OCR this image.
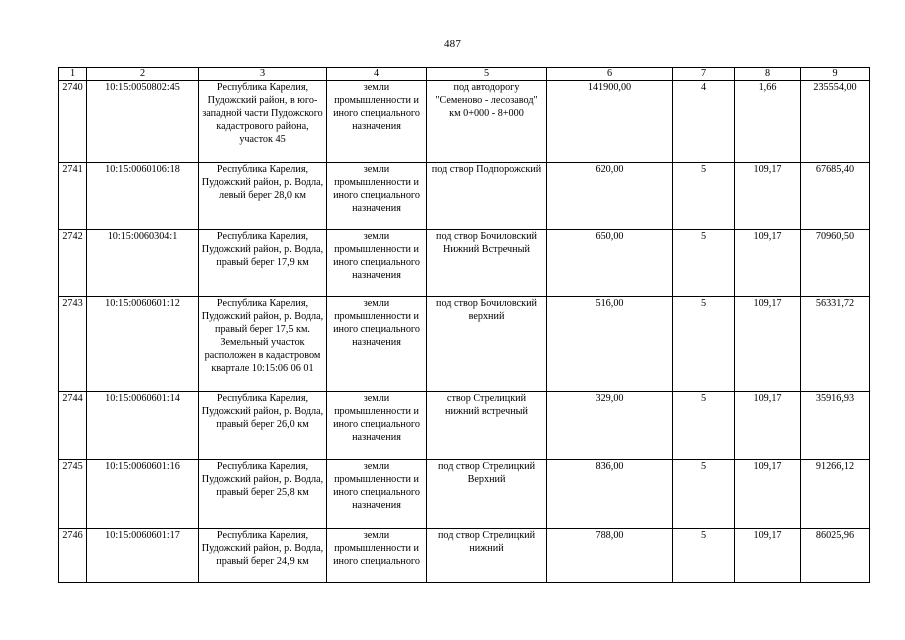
487
1	2	3	4	5	6	7	8	9
2740	10:15:0050802:45	Республика Карелия, Пудожский район, в юго-западной части Пудожского кадастрового района, участок 45	земли промышленности и иного специального назначения	под автодорогу "Семеново - лесозавод" км 0+000 - 8+000	141900,00	4	1,66	235554,00
2741	10:15:0060106:18	Республика Карелия, Пудожский район, р. Водла, левый берег 28,0 км	земли промышленности и иного специального назначения	под створ Подпорожский	620,00	5	109,17	67685,40
2742	10:15:0060304:1	Республика Карелия, Пудожский район, р. Водла, правый берег 17,9 км	земли промышленности и иного специального назначения	под створ Бочиловский Нижний Встречный	650,00	5	109,17	70960,50
2743	10:15:0060601:12	Республика Карелия, Пудожский район, р. Водла, правый берег 17,5 км. Земельный участок расположен в кадастровом квартале 10:15:06 06 01	земли промышленности и иного специального назначения	под створ Бочиловский верхний	516,00	5	109,17	56331,72
2744	10:15:0060601:14	Республика Карелия, Пудожский район, р. Водла, правый берег 26,0 км	земли промышленности и иного специального назначения	створ Стрелицкий нижний встречный	329,00	5	109,17	35916,93
2745	10:15:0060601:16	Республика Карелия, Пудожский район, р. Водла, правый берег 25,8 км	земли промышленности и иного специального назначения	под створ Стрелицкий Верхний	836,00	5	109,17	91266,12
2746	10:15:0060601:17	Республика Карелия, Пудожский район, р. Водла, правый берег 24,9 км	земли промышленности и иного специального	под створ Стрелицкий нижний	788,00	5	109,17	86025,96
